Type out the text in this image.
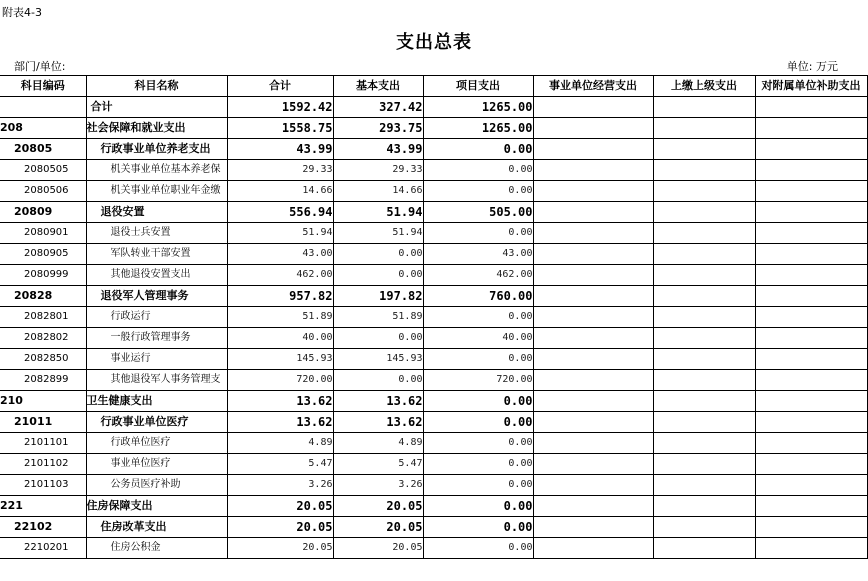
附表4-3
支出总表
部门/单位:	单位: 万元
科目编码	科目名称	合计	基本支出	项目支出	事业单位经营支出	上缴上级支出	对附属单位补助支出
	合计	1592.42	327.42	1265.00			
208	社会保障和就业支出	1558.75	293.75	1265.00			
20805	行政事业单位养老支出	43.99	43.99	0.00			
2080505	机关事业单位基本养老保	29.33	29.33	0.00			
2080506	机关事业单位职业年金缴	14.66	14.66	0.00			
20809	退役安置	556.94	51.94	505.00			
2080901	退役士兵安置	51.94	51.94	0.00			
2080905	军队转业干部安置	43.00	0.00	43.00			
2080999	其他退役安置支出	462.00	0.00	462.00			
20828	退役军人管理事务	957.82	197.82	760.00			
2082801	行政运行	51.89	51.89	0.00			
2082802	一般行政管理事务	40.00	0.00	40.00			
2082850	事业运行	145.93	145.93	0.00			
2082899	其他退役军人事务管理支	720.00	0.00	720.00			
210	卫生健康支出	13.62	13.62	0.00			
21011	行政事业单位医疗	13.62	13.62	0.00			
2101101	行政单位医疗	4.89	4.89	0.00			
2101102	事业单位医疗	5.47	5.47	0.00			
2101103	公务员医疗补助	3.26	3.26	0.00			
221	住房保障支出	20.05	20.05	0.00			
22102	住房改革支出	20.05	20.05	0.00			
2210201	住房公积金	20.05	20.05	0.00			
